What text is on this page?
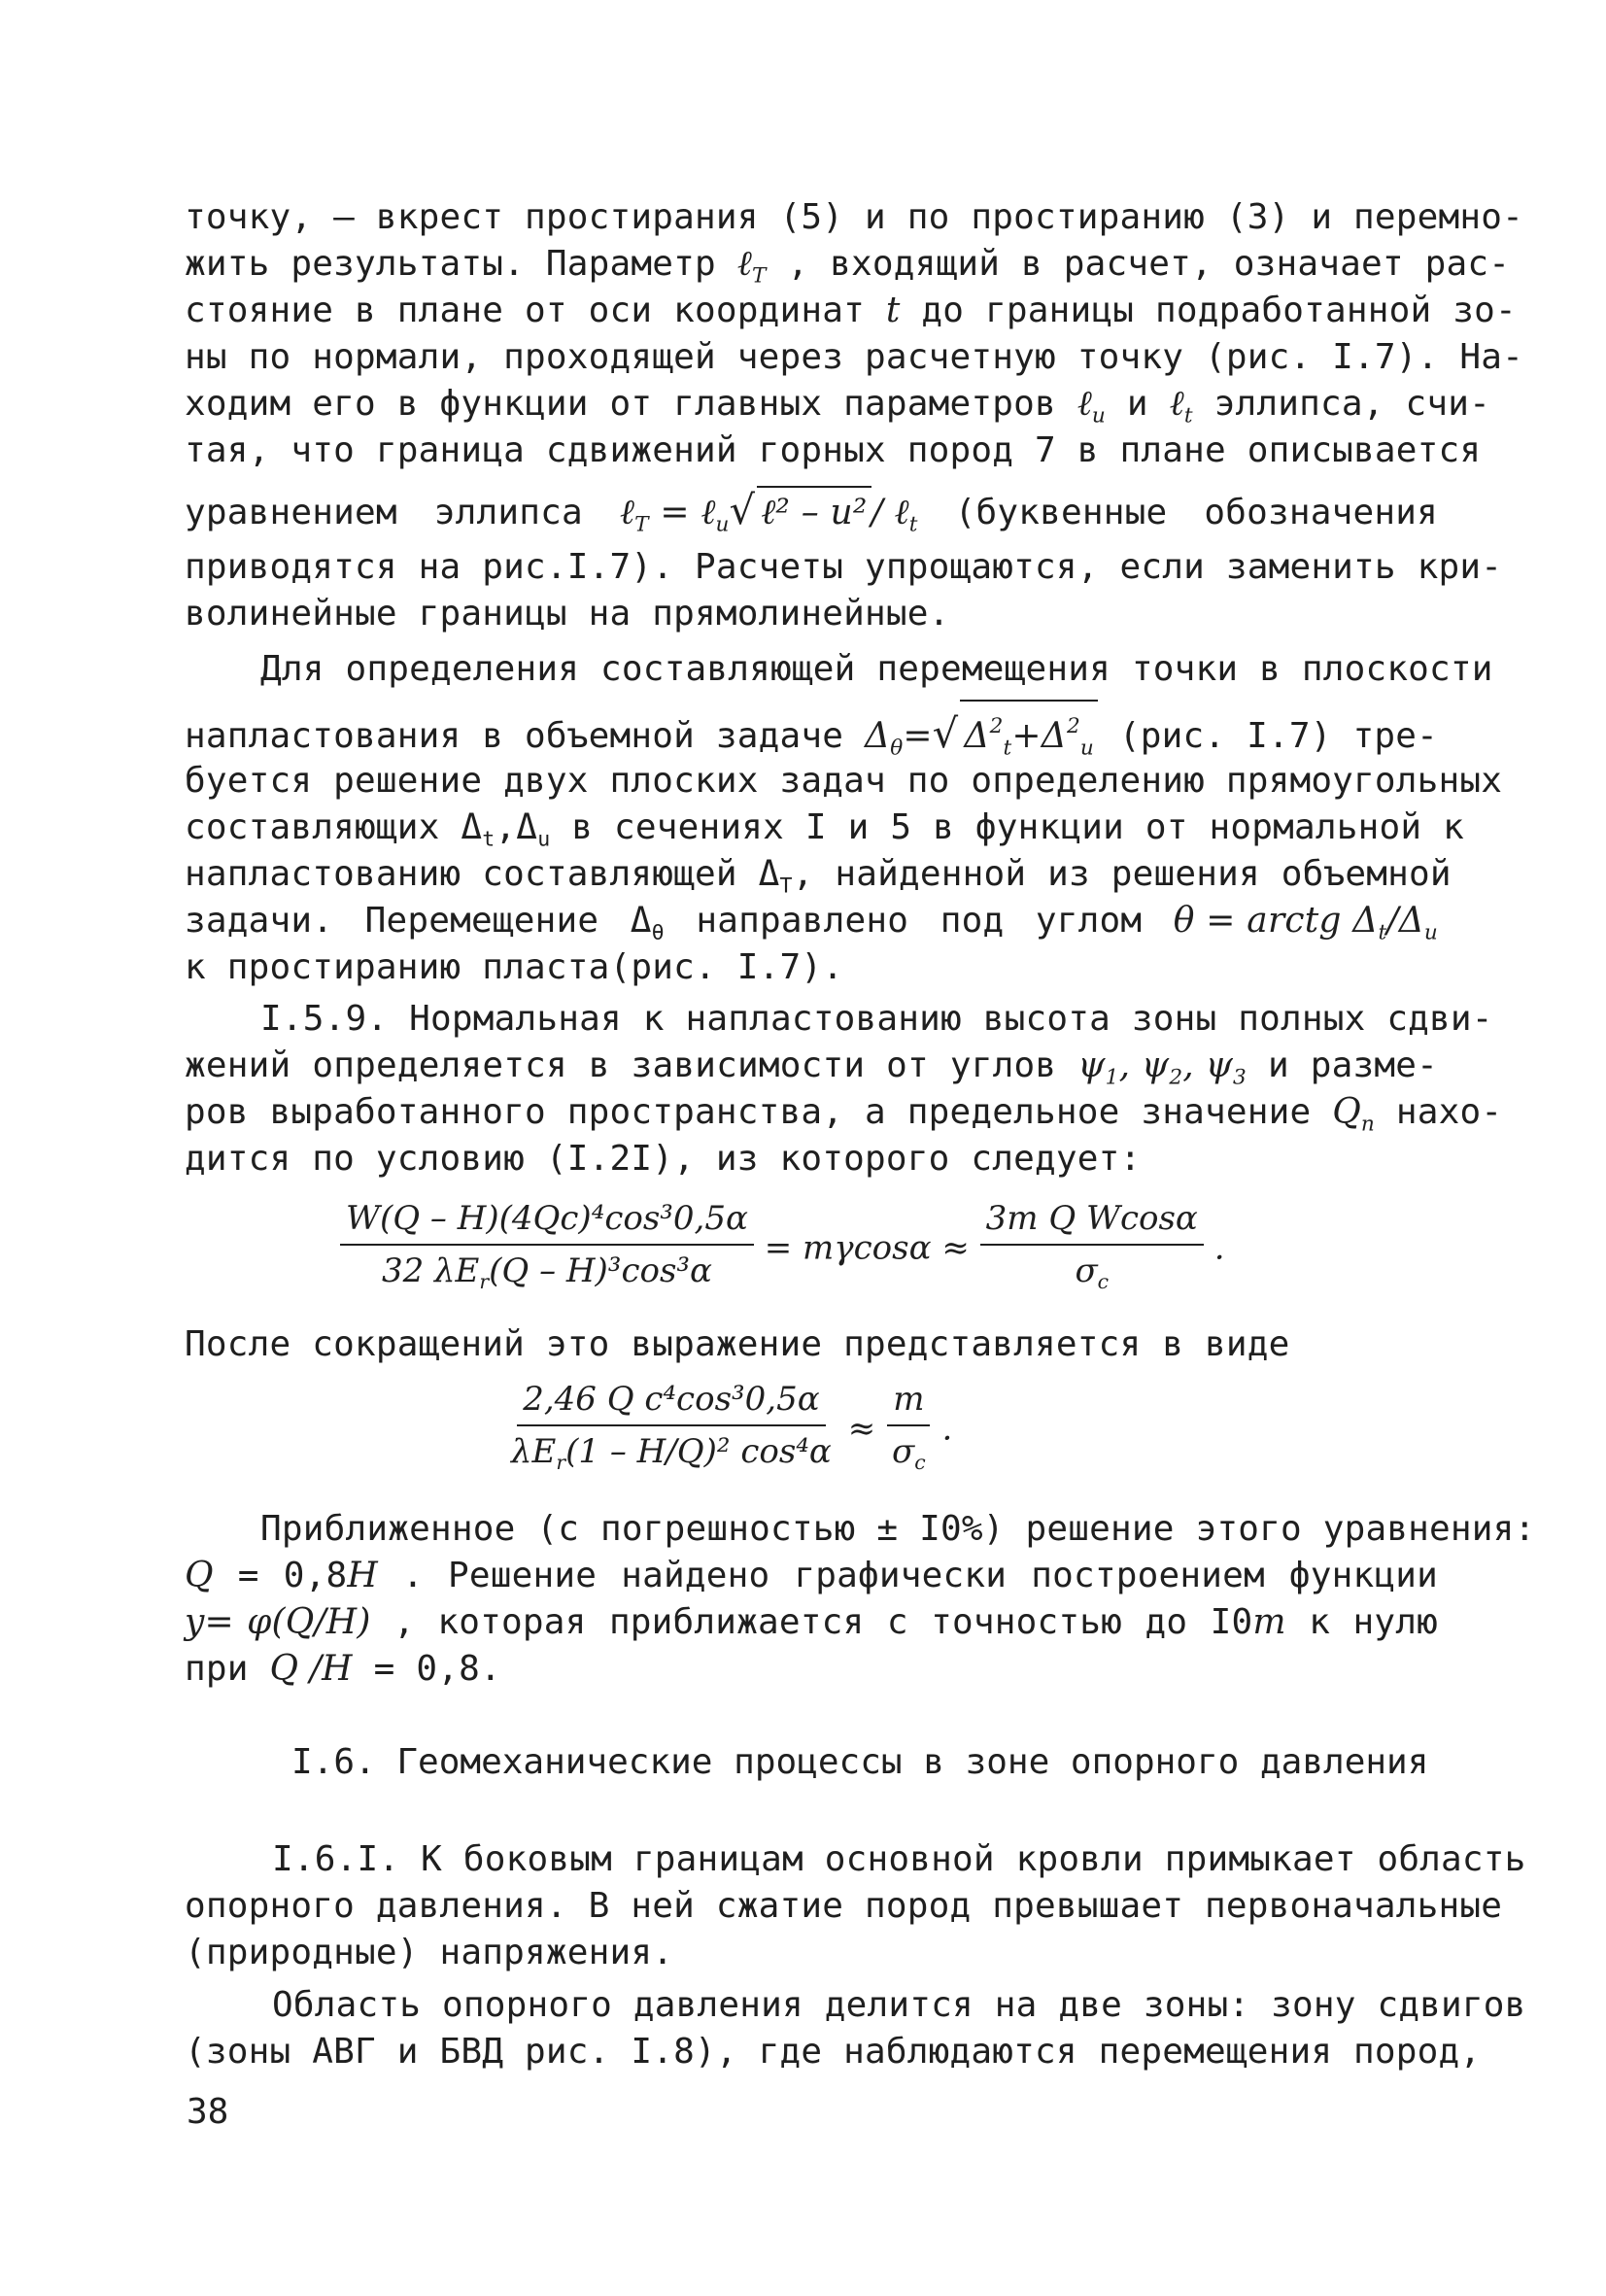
точку, – вкрест простирания (5) и по простиранию (3) и перемно-
жить результаты. Параметр ℓ$_T$ , входящий в расчет, означает рас-
стояние в плане от оси координат t до границы подработанной зо-
ны по нормали, проходящей через расчетную точку (рис. I.7). На-
ходим его в функции от главных параметров ℓ$_u$ и ℓ$_t$ эллипса, счи-
тая, что граница сдвижений горных пород 7 в плане описывается
уравнением эллипса ℓ$_T$ = ℓ$_u$√ ℓ² – u² / ℓ$_t$ (буквенные обозначения
приводятся на рис.I.7). Расчеты упрощаются, если заменить кри-
волинейные границы на прямолинейные.
Для определения составляющей перемещения точки в плоскости
напластования в объемной задаче $\Delta_\theta=√$ $\Delta^2_t+\Delta^2_u$ (рис. I.7) тре-
буется решение двух плоских задач по определению прямоугольных
составляющих $\Delta_t,\Delta_u$ в сечениях I и 5 в функции от нормальной к
напластованию составляющей $\Delta_T$, найденной из решения объемной
задачи. Перемещение $\Delta_\theta$ направлено под углом θ = arctg $\Delta_t/\Delta_u$
к простиранию пласта(рис. I.7).
I.5.9. Нормальная к напластованию высота зоны полных сдви-
жений определяется в зависимости от углов $\psi_1$, $\psi_2$, $\psi_3$ и разме-
ров выработанного пространства, а предельное значение $Q_n$ нахо-
дится по условию (I.2I), из которого следует:
$\frac{\text{W(Q – H)(4Qc)⁴cos³0,5α}}{32 \lambda E_r(Q - H)^3\cos^3\alpha} = m\gamma\cos\alpha \approx \frac{\text{3m Q Wcosα}}{\sigma_c}$ .
После сокращений это выражение представляется в виде
$\frac{\text{2,46 Q c⁴cos³0,5α}}{\lambda E_r(1 - H/Q)^2 \cos^4\alpha} \approx \frac{m}{\sigma_c}$ .
Приближенное (с погрешностью ± I0%) решение этого уравнения:
Q = 0,8H . Решение найдено графически построением функции
y= φ(Q/H) , которая приближается с точностью до I0m к нулю
при Q /H = 0,8.
I.6. Геомеханические процессы в зоне опорного давления
I.6.I. К боковым границам основной кровли примыкает область
опорного давления. В ней сжатие пород превышает первоначальные
(природные) напряжения.
Область опорного давления делится на две зоны: зону сдвигов
(зоны АВГ и БВД рис. I.8), где наблюдаются перемещения пород,
38
